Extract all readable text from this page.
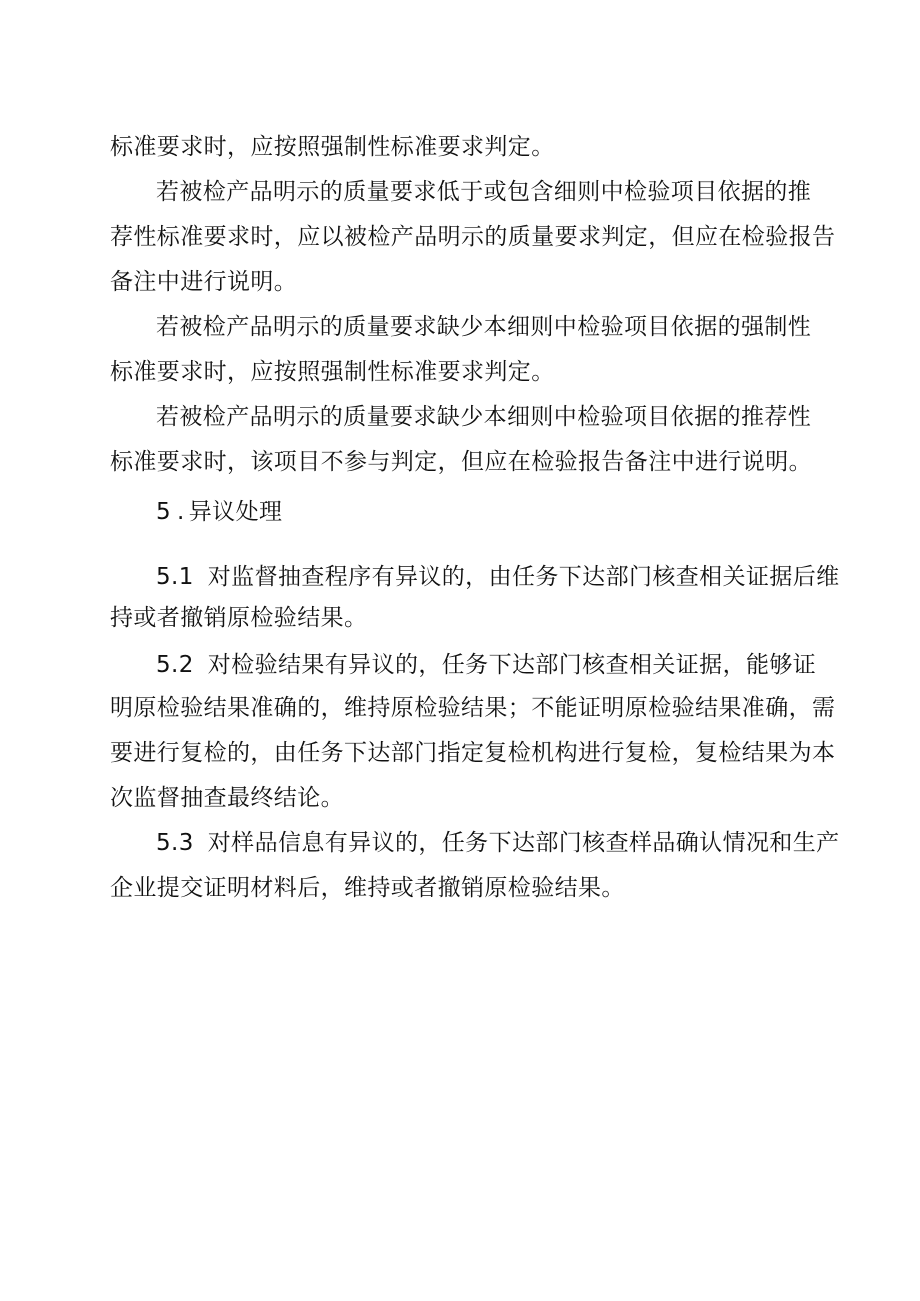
标准要求时，应按照强制性标准要求判定。
若被检产品明示的质量要求低于或包含细则中检验项目依据的推
荐性标准要求时，应以被检产品明示的质量要求判定，但应在检验报告
备注中进行说明。
若被检产品明示的质量要求缺少本细则中检验项目依据的强制性
标准要求时，应按照强制性标准要求判定。
若被检产品明示的质量要求缺少本细则中检验项目依据的推荐性
标准要求时，该项目不参与判定，但应在检验报告备注中进行说明。
5 . 异议处理
5.1 对监督抽查程序有异议的，由任务下达部门核查相关证据后维
持或者撤销原检验结果。
5.2 对检验结果有异议的，任务下达部门核查相关证据，能够证
明原检验结果准确的，维持原检验结果；不能证明原检验结果准确，需
要进行复检的，由任务下达部门指定复检机构进行复检，复检结果为本
次监督抽查最终结论。
5.3 对样品信息有异议的，任务下达部门核查样品确认情况和生产
企业提交证明材料后，维持或者撤销原检验结果。
